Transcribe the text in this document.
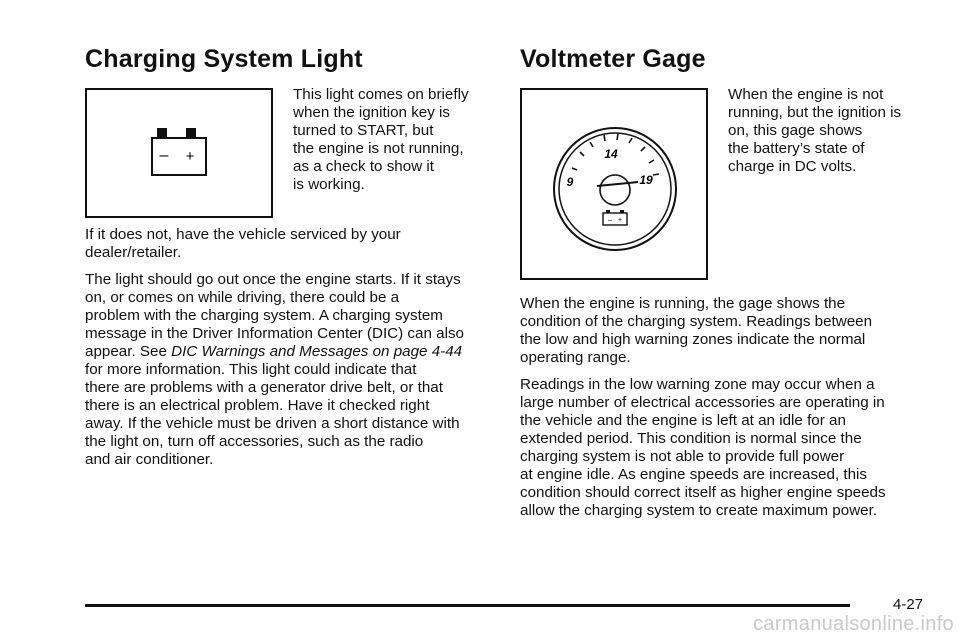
Charging System Light
– +
This light comes on briefly
when the ignition key is
turned to START, but
the engine is not running,
as a check to show it
is working.

If it does not, have the vehicle serviced by your
dealer/retailer.

The light should go out once the engine starts. If it stays
on, or comes on while driving, there could be a
problem with the charging system. A charging system
message in the Driver Information Center (DIC) can also
appear. See DIC Warnings and Messages on page 4-44
for more information. This light could indicate that
there are problems with a generator drive belt, or that
there is an electrical problem. Have it checked right
away. If the vehicle must be driven a short distance with
the light on, turn off accessories, such as the radio
and air conditioner.

Voltmeter Gage
9
14
19
– +
When the engine is not
running, but the ignition is
on, this gage shows
the battery’s state of
charge in DC volts.

When the engine is running, the gage shows the
condition of the charging system. Readings between
the low and high warning zones indicate the normal
operating range.

Readings in the low warning zone may occur when a
large number of electrical accessories are operating in
the vehicle and the engine is left at an idle for an
extended period. This condition is normal since the
charging system is not able to provide full power
at engine idle. As engine speeds are increased, this
condition should correct itself as higher engine speeds
allow the charging system to create maximum power.

4-27
carmanualsonline.info
